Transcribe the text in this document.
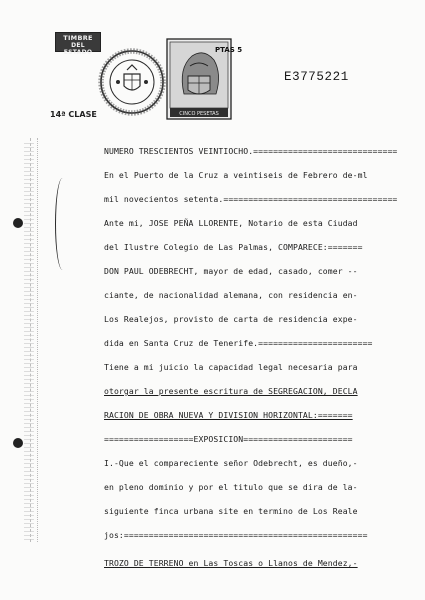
TIMBRE
DEL ESTADO
14ª CLASE
PTAS 5
CINCO PESETAS
E3775221
NUMERO TRESCIENTOS VEINTIOCHO.=============================
En el Puerto de la Cruz a veintiseis de Febrero de-ml
mil novecientos setenta.===================================
Ante mi, JOSE PEÑA LLORENTE, Notario de esta Ciudad
del Ilustre Colegio de Las Palmas, COMPARECE:=======
DON PAUL ODEBRECHT, mayor de edad, casado, comer --
ciante, de nacionalidad alemana, con residencia en-
Los Realejos, provisto de carta de residencia expe-
dida en Santa Cruz de Tenerife.=======================
Tiene a mi juicio la capacidad legal necesaria para
otorgar la presente escritura de SEGREGACION, DECLA
RACION DE OBRA NUEVA Y DIVISION HORIZONTAL:=======
==================EXPOSICION======================
I.-Que el compareciente señor Odebrecht, es dueño,-
en pleno dominio y por el titulo que se dira de la-
siguiente finca urbana site en termino de Los Reale
jos:=================================================
TROZO DE TERRENO en Las Toscas o Llanos de Mendez,-
